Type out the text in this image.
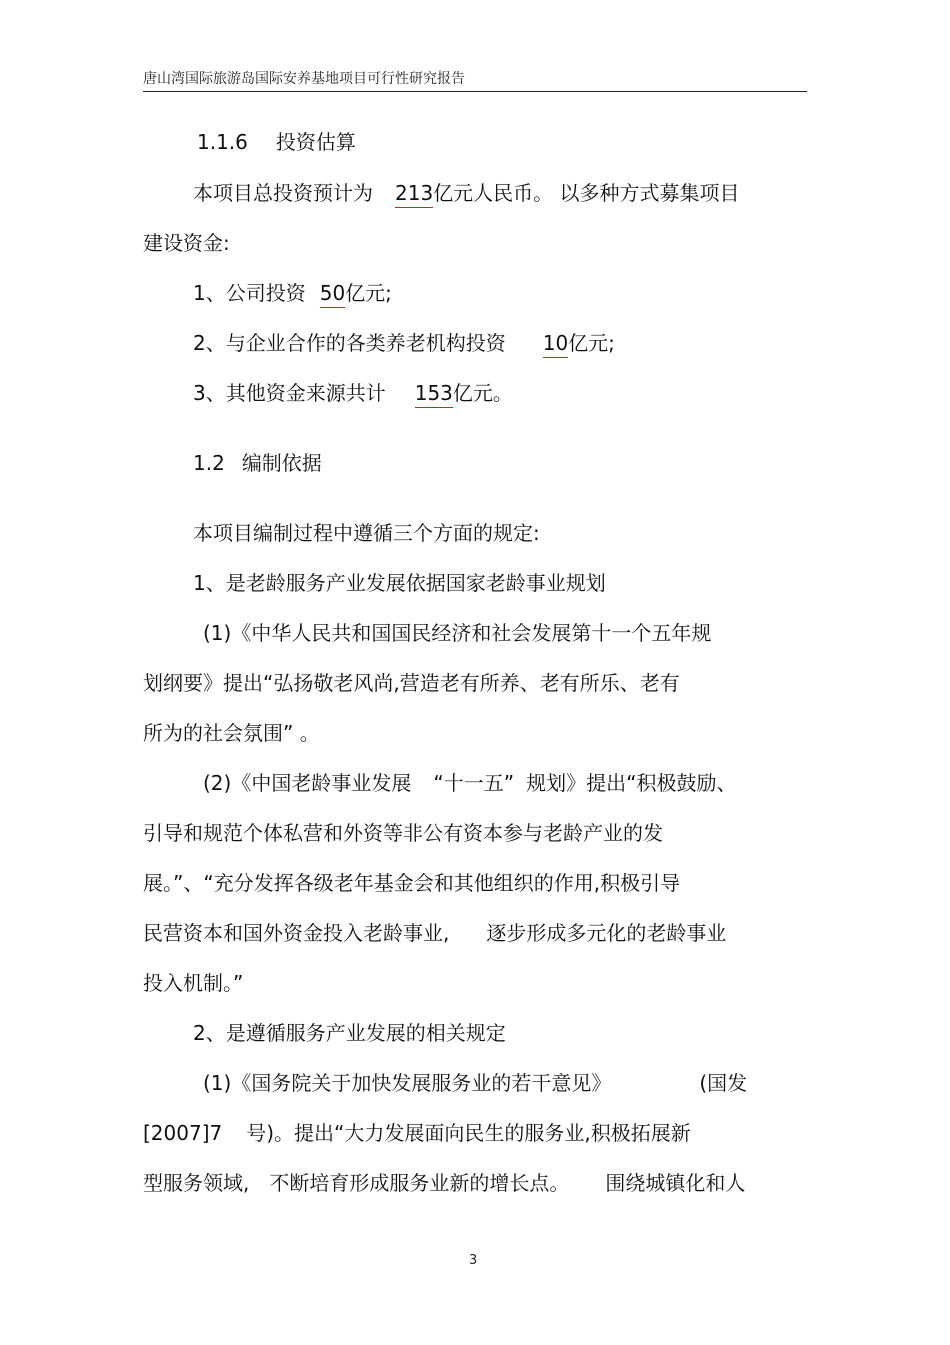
唐山湾国际旅游岛国际安养基地项目可行性研究报告
1.1.6 投资估算
本项目总投资预计为 213亿元人民币。 以多种方式募集项目
建设资金:
1、公司投资 50亿元;
2、与企业合作的各类养老机构投资 10亿元;
3、其他资金来源共计 153亿元。
1.2 编制依据
本项目编制过程中遵循三个方面的规定:
1、是老龄服务产业发展依据国家老龄事业规划
(1)《中华人民共和国国民经济和社会发展第十一个五年规
划纲要》提出“弘扬敬老风尚,营造老有所养、老有所乐、老有
所为的社会氛围” 。
(2)《中国老龄事业发展 “十一五” 规划》提出“积极鼓励、
引导和规范个体私营和外资等非公有资本参与老龄产业的发
展。”、“充分发挥各级老年基金会和其他组织的作用,积极引导
民营资本和国外资金投入老龄事业, 逐步形成多元化的老龄事业
投入机制。”
2、是遵循服务产业发展的相关规定
(1)《国务院关于加快发展服务业的若干意见》	(国发
[2007]7 号)。提出“大力发展面向民生的服务业,积极拓展新
型服务领域, 不断培育形成服务业新的增长点。 围绕城镇化和人
3
